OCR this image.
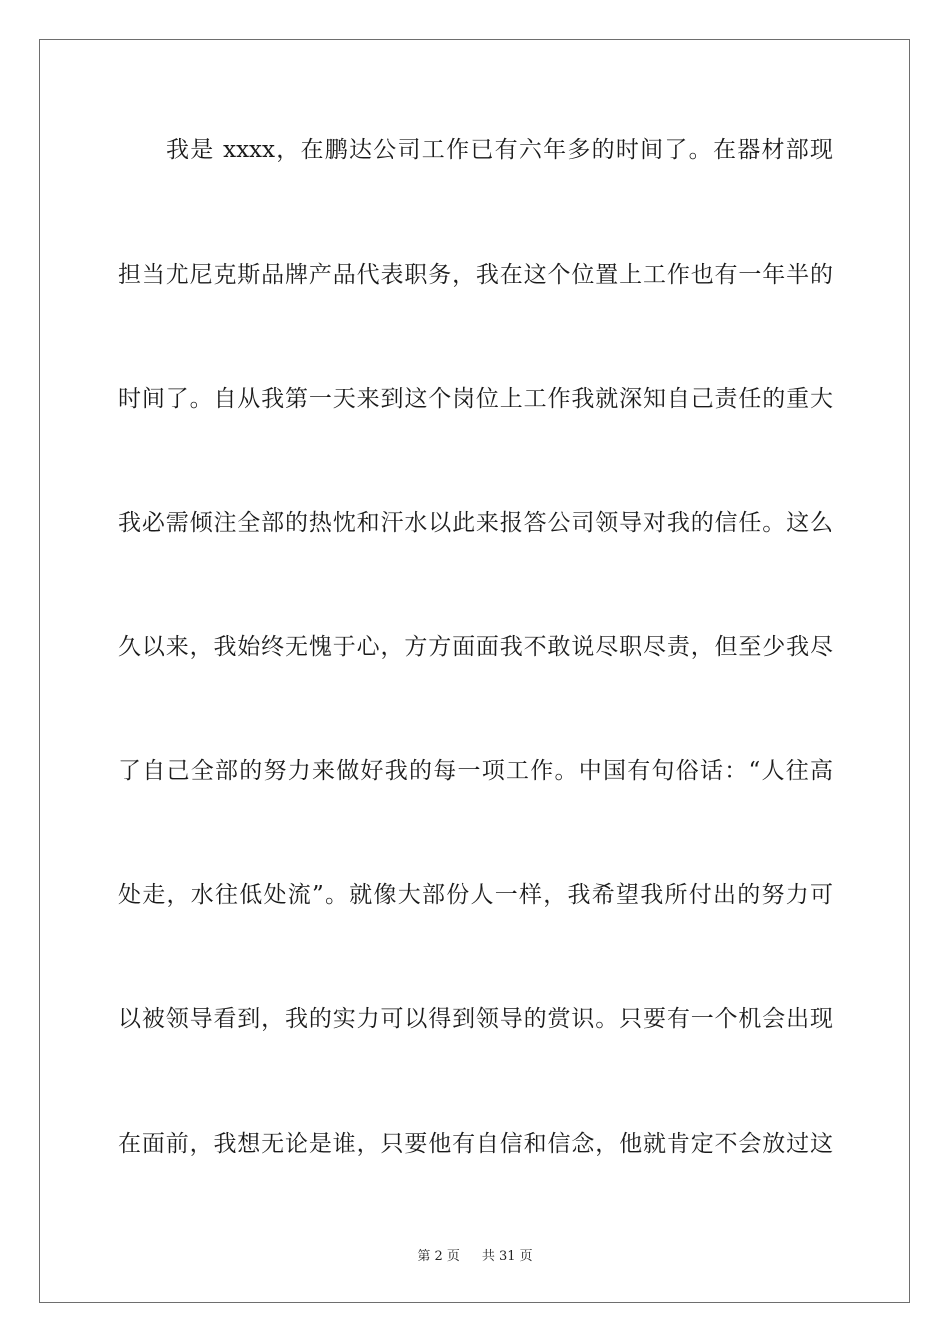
我是 xxxx，在鹏达公司工作已有六年多的时间了。在器材部现
担当尤尼克斯品牌产品代表职务，我在这个位置上工作也有一年半的
时间了。自从我第一天来到这个岗位上工作我就深知自己责任的重大
我必需倾注全部的热忱和汗水以此来报答公司领导对我的信任。这么
久以来，我始终无愧于心，方方面面我不敢说尽职尽责，但至少我尽
了自己全部的努力来做好我的每一项工作。中国有句俗话：“人往高
处走，水往低处流”。就像大部份人一样，我希望我所付出的努力可
以被领导看到，我的实力可以得到领导的赏识。只要有一个机会出现
在面前，我想无论是谁，只要他有自信和信念，他就肯定不会放过这
第 2 页 共 31 页
